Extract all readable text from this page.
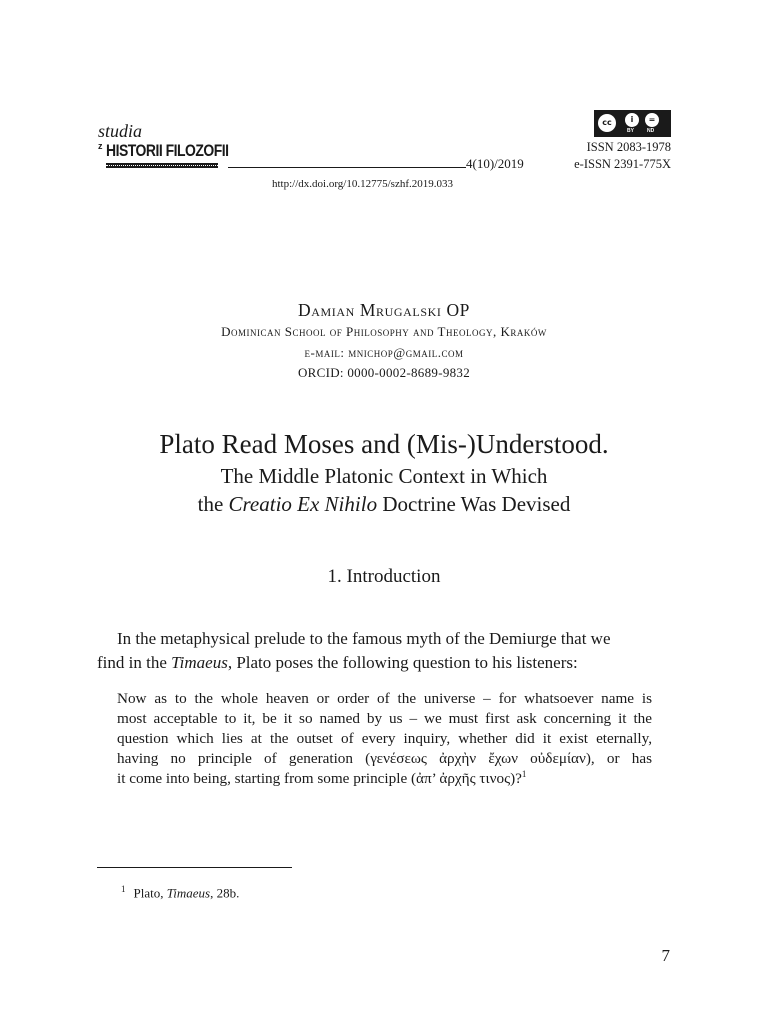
studia
z HISTORII FILOZOFII
4(10)/2019
http://dx.doi.org/10.12775/szhf.2019.033
cc	i	=
BY	ND
ISSN 2083-1978
e-ISSN 2391-775X
Damian Mrugalski OP
Dominican School of Philosophy and Theology, Kraków
e-mail: mnichop@gmail.com
ORCID: 0000-0002-8689-9832
Plato Read Moses and (Mis-)Understood.
The Middle Platonic Context in Which
the Creatio Ex Nihilo Doctrine Was Devised
1. Introduction
In the metaphysical prelude to the famous myth of the Demiurge that we
find in the Timaeus, Plato poses the following question to his listeners:
Now as to the whole heaven or order of the universe – for whatsoever name is
most acceptable to it, be it so named by us – we must first ask concerning it the
question which lies at the outset of every inquiry, whether did it exist eternally,
having no principle of generation (γενέσεως ἀρχὴν ἔχων οὐδεμίαν), or has
it come into being, starting from some principle (ἀπ’ ἀρχῆς τινος)?$^1$
$^1$ Plato, Timaeus, 28b.
7
